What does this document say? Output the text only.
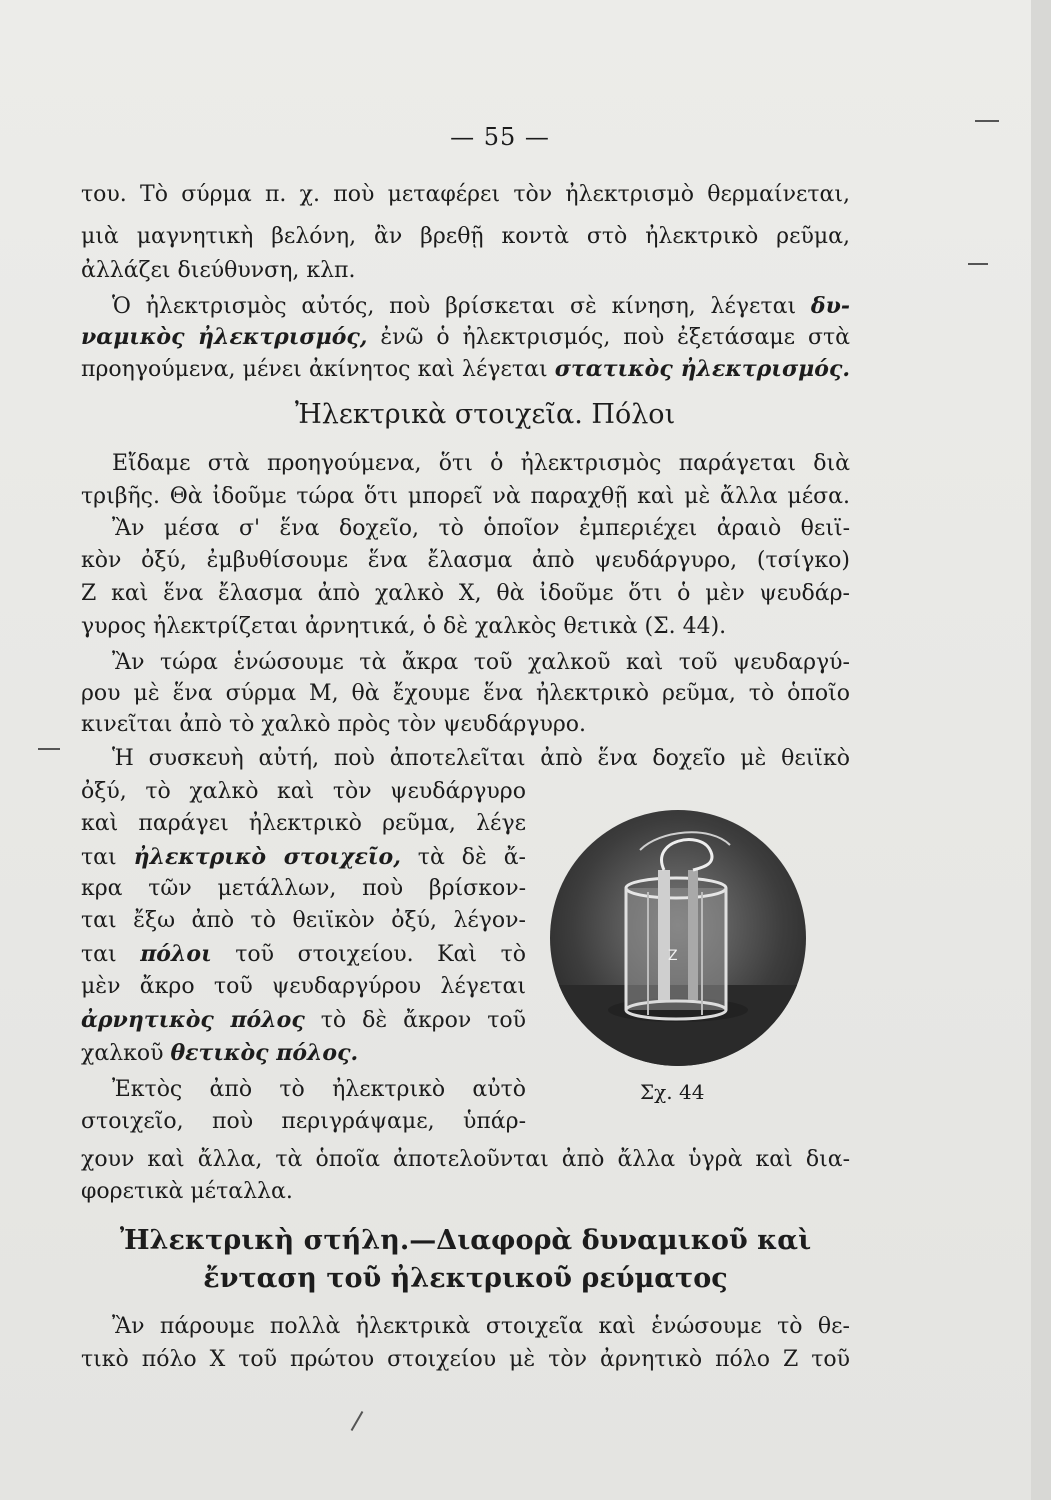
— 55 —
του. Τὸ σύρμα π. χ. ποὺ μεταφέρει τὸν ἠλεκτρισμὸ θερμαίνεται,
μιὰ μαγνητικὴ βελόνη, ἂν βρεθῇ κοντὰ στὸ ἠλεκτρικὸ ρεῦμα,
ἀλλάζει διεύθυνση, κλπ.
Ὁ ἠλεκτρισμὸς αὐτός, ποὺ βρίσκεται σὲ κίνηση, λέγεται δυ-
ναμικὸς ἠλεκτρισμός, ἐνῶ ὁ ἠλεκτρισμός, ποὺ ἐξετάσαμε στὰ
προηγούμενα, μένει ἀκίνητος καὶ λέγεται στατικὸς ἠλεκτρισμός.
Ἠλεκτρικὰ στοιχεῖα. Πόλοι
Εἴδαμε στὰ προηγούμενα, ὅτι ὁ ἠλεκτρισμὸς παράγεται διὰ
τριβῆς. Θὰ ἰδοῦμε τώρα ὅτι μπορεῖ νὰ παραχθῇ καὶ μὲ ἄλλα μέσα.
Ἂν μέσα σ' ἕνα δοχεῖο, τὸ ὁποῖον ἐμπεριέχει ἀραιὸ θειϊ-
κὸν ὀξύ, ἐμβυθίσουμε ἕνα ἔλασμα ἀπὸ ψευδάργυρο, (τσίγκο)
Ζ καὶ ἕνα ἔλασμα ἀπὸ χαλκὸ Χ, θὰ ἰδοῦμε ὅτι ὁ μὲν ψευδάρ-
γυρος ἠλεκτρίζεται ἀρνητικά, ὁ δὲ χαλκὸς θετικὰ (Σ. 44).
Ἂν τώρα ἑνώσουμε τὰ ἄκρα τοῦ χαλκοῦ καὶ τοῦ ψευδαργύ-
ρου μὲ ἕνα σύρμα Μ, θὰ ἔχουμε ἕνα ἠλεκτρικὸ ρεῦμα, τὸ ὁποῖο
κινεῖται ἀπὸ τὸ χαλκὸ πρὸς τὸν ψευδάργυρο.
Ἡ συσκευὴ αὐτή, ποὺ ἀποτελεῖται ἀπὸ ἕνα δοχεῖο μὲ θειϊκὸ
ὀξύ, τὸ χαλκὸ καὶ τὸν ψευδάργυρο
καὶ παράγει ἠλεκτρικὸ ρεῦμα, λέγε
ται ἠλεκτρικὸ στοιχεῖο, τὰ δὲ ἄ-
κρα τῶν μετάλλων, ποὺ βρίσκον-
ται ἔξω ἀπὸ τὸ θειϊκὸν ὀξύ, λέγον-
ται πόλοι τοῦ στοιχείου. Καὶ τὸ
μὲν ἄκρο τοῦ ψευδαργύρου λέγεται
ἀρνητικὸς πόλος τὸ δὲ ἄκρον τοῦ
χαλκοῦ θετικὸς πόλος.
Ἐκτὸς ἀπὸ τὸ ἠλεκτρικὸ αὐτὸ
στοιχεῖο, ποὺ περιγράψαμε, ὑπάρ-
Z
Σχ. 44
χουν καὶ ἄλλα, τὰ ὁποῖα ἀποτελοῦνται ἀπὸ ἄλλα ὑγρὰ καὶ δια-
φορετικὰ μέταλλα.
Ἠλεκτρικὴ στήλη.—Διαφορὰ δυναμικοῦ καὶ
ἔνταση τοῦ ἠλεκτρικοῦ ρεύματος
Ἂν πάρουμε πολλὰ ἠλεκτρικὰ στοιχεῖα καὶ ἑνώσουμε τὸ θε-
τικὸ πόλο Χ τοῦ πρώτου στοιχείου μὲ τὸν ἀρνητικὸ πόλο Ζ τοῦ
